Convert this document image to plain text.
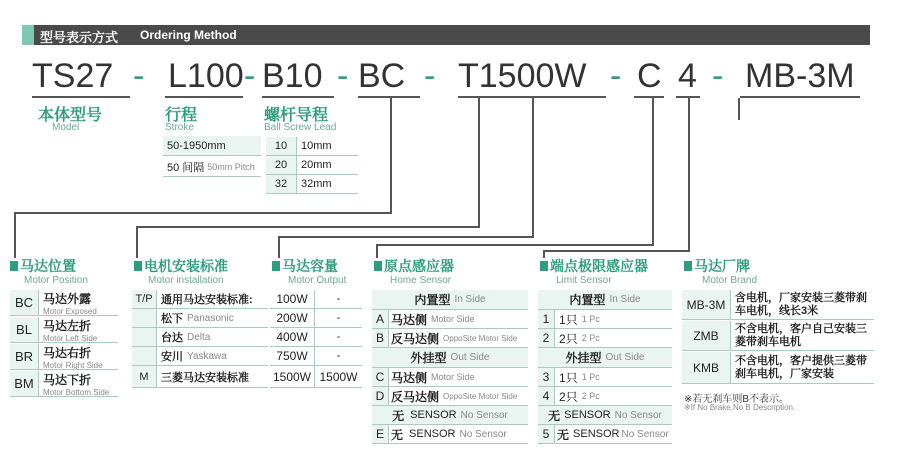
型号表示方式 Ordering Method
TS27 - L100 - B10 - BC - T1500W - C 4 - MB-3M
本体型号
Model
行程
Stroke
50-1950mm
50 间隔 50mm Pitch
螺杆导程
Ball Screw Lead
10	10mm
20	20mm
32	32mm
马达位置
Motor Position
BC 马达外露
Motor Exposed
BL 马达左折
Motor Left Side
BR 马达右折
Motor Right Side
BM 马达下折
Motor Bottom Side
电机安装标准
Motor installation
T/P 通用马达安装标准:
松下 Panasonic
台达 Delta
安川 Yaskawa
M	三菱马达安装标准
马达容量
Motor Output
100W	-
200W	-
400W	-
750W	-
1500W 1500W
原点感应器
Home Sensor
内置型 In Side
A 马达侧 Motor Side
B 反马达侧 OppoSite Motor Side
外挂型 Out Side
C 马达侧 Motor Side
D 反马达侧 OppoSite Motor Side
无 SENSOR No Sensor
E 无 SENSOR No Sensor
端点极限感应器
Limit Sensor
内置型 In Side
1 1只 1 Pc
2 2只 2 Pc
外挂型 Out Side
3 1只 1 Pc
4 2只 2 Pc
无 SENSOR No Sensor
5 无 SENSOR No Sensor
马达厂牌
Motor Brand
MB-3M 含电机，厂家安装三菱带刹车电机，线长3米
ZMB	不含电机，客户自己安装三菱带刹车电机
KMB	不含电机，客户提供三菱带刹车电机，厂家安装
※若无刹车则B不表示。
※If No Brake,No B Description.
